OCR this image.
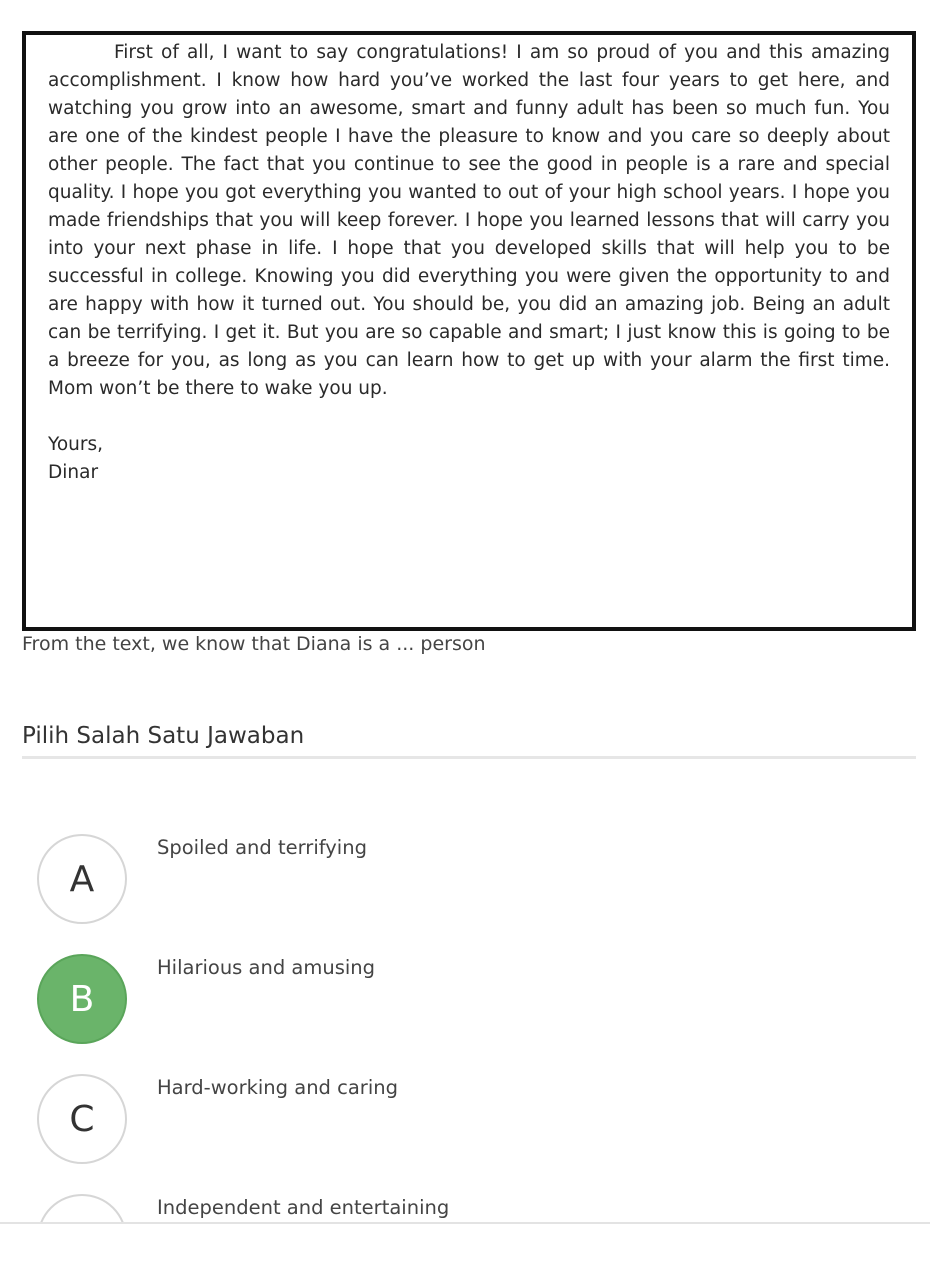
First of all, I want to say congratulations! I am so proud of you and this amazing accomplishment. I know how hard you’ve worked the last four years to get here, and watching you grow into an awesome, smart and funny adult has been so much fun. You are one of the kindest people I have the pleasure to know and you care so deeply about other people. The fact that you continue to see the good in people is a rare and special quality. I hope you got everything you wanted to out of your high school years. I hope you made friendships that you will keep forever. I hope you learned lessons that will carry you into your next phase in life. I hope that you developed skills that will help you to be successful in college. Knowing you did everything you were given the opportunity to and are happy with how it turned out. You should be, you did an amazing job. Being an adult can be terrifying. I get it. But you are so capable and smart; I just know this is going to be a breeze for you, as long as you can learn how to get up with your alarm the first time. Mom won’t be there to wake you up.

Yours,
Dinar
From the text, we know that Diana is a ... person
Pilih Salah Satu Jawaban
A
Spoiled and terrifying
B
Hilarious and amusing
C
Hard-working and caring
Independent and entertaining
